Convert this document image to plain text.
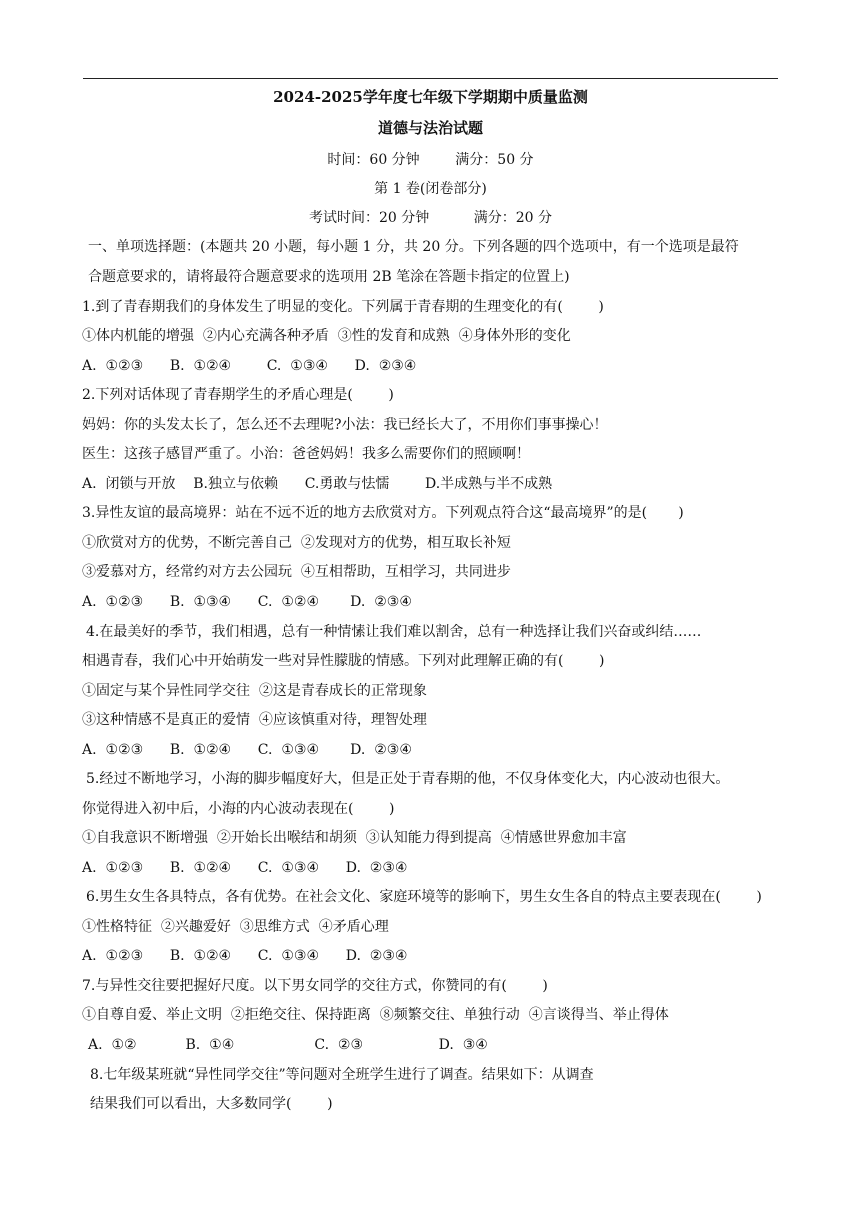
2024-2025学年度七年级下学期期中质量监测
道德与法治试题
时间：60 分钟        满分：50 分
第 1 卷(闭卷部分)
考试时间：20 分钟          满分：20 分
一、单项选择题：(本题共 20 小题，每小题 1 分，共 20 分。下列各题的四个选项中，有一个选项是最符
合题意要求的，请将最符合题意要求的选项用 2B 笔涂在答题卡指定的位置上)
1.到了青春期我们的身体发生了明显的变化。下列属于青春期的生理变化的有(        )
①体内机能的增强  ②内心充满各种矛盾  ③性的发育和成熟  ④身体外形的变化
A.  ①②③      B.  ①②④        C.  ①③④      D.  ②③④
2.下列对话体现了青春期学生的矛盾心理是(        )
妈妈：你的头发太长了，怎么还不去理呢?小法：我已经长大了，不用你们事事操心！
医生：这孩子感冒严重了。小治：爸爸妈妈！我多么需要你们的照顾啊！
A.  闭锁与开放    B.独立与依赖      C.勇敢与怯懦        D.半成熟与半不成熟
3.异性友谊的最高境界：站在不远不近的地方去欣赏对方。下列观点符合这“最高境界”的是(       )
①欣赏对方的优势，不断完善自己  ②发现对方的优势，相互取长补短
③爱慕对方，经常约对方去公园玩  ④互相帮助，互相学习，共同进步
A.  ①②③      B.  ①③④      C.  ①②④       D.  ②③④
4.在最美好的季节，我们相遇，总有一种情愫让我们难以割舍，总有一种选择让我们兴奋或纠结……
相遇青春，我们心中开始萌发一些对异性朦胧的情感。下列对此理解正确的有(        )
①固定与某个异性同学交往  ②这是青春成长的正常现象
③这种情感不是真正的爱情  ④应该慎重对待，理智处理
A.  ①②③      B.  ①②④      C.  ①③④       D.  ②③④
5.经过不断地学习，小海的脚步幅度好大，但是正处于青春期的他，不仅身体变化大，内心波动也很大。
你觉得进入初中后，小海的内心波动表现在(        )
①自我意识不断增强  ②开始长出喉结和胡须  ③认知能力得到提高  ④情感世界愈加丰富
A.  ①②③      B.  ①②④      C.  ①③④      D.  ②③④
6.男生女生各具特点，各有优势。在社会文化、家庭环境等的影响下，男生女生各自的特点主要表现在(        )
①性格特征  ②兴趣爱好  ③思维方式  ④矛盾心理
A.  ①②③      B.  ①②④      C.  ①③④      D.  ②③④
7.与异性交往要把握好尺度。以下男女同学的交往方式，你赞同的有(        )
①自尊自爱、举止文明  ②拒绝交往、保持距离  ⑧频繁交往、单独行动  ④言谈得当、举止得体
A.  ①②           B.  ①④                  C.  ②③                 D.  ③④
8.七年级某班就“异性同学交往”等问题对全班学生进行了调查。结果如下：从调查
结果我们可以看出，大多数同学(        )
